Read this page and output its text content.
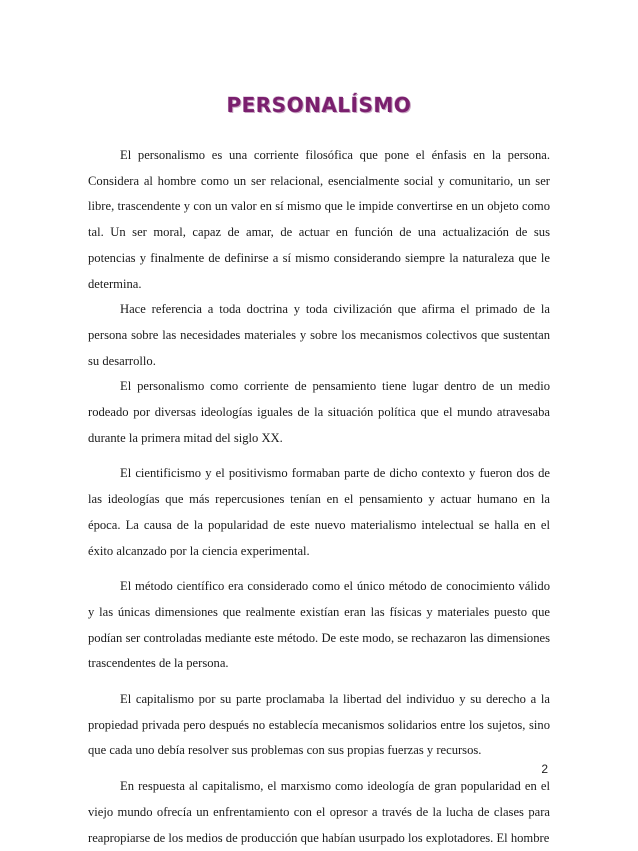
PERSONALÍSMO

El personalismo es una corriente filosófica que pone el énfasis en la persona. Considera al hombre como un ser relacional, esencialmente social y comunitario, un ser libre, trascendente y con un valor en sí mismo que le impide convertirse en un objeto como tal. Un ser moral, capaz de amar, de actuar en función de una actualización de sus potencias y finalmente de definirse a sí mismo considerando siempre la naturaleza que le determina.

Hace referencia a toda doctrina y toda civilización que afirma el primado de la persona sobre las necesidades materiales y sobre los mecanismos colectivos que sustentan su desarrollo.

El personalismo como corriente de pensamiento tiene lugar dentro de un medio rodeado por diversas ideologías iguales de la situación política que el mundo atravesaba durante la primera mitad del siglo XX.

El cientificismo y el positivismo formaban parte de dicho contexto y fueron dos de las ideologías que más repercusiones tenían en el pensamiento y actuar humano en la época. La causa de la popularidad de este nuevo materialismo intelectual se halla en el éxito alcanzado por la ciencia experimental.

El método científico era considerado como el único método de conocimiento válido y las únicas dimensiones que realmente existían eran las físicas y materiales puesto que podían ser controladas mediante este método. De este modo, se rechazaron las dimensiones trascendentes de la persona.

El capitalismo por su parte proclamaba la libertad del individuo y su derecho a la propiedad privada pero después no establecía mecanismos solidarios entre los sujetos, sino que cada uno debía resolver sus problemas con sus propias fuerzas y recursos.

En respuesta al capitalismo, el marxismo como ideología de gran popularidad en el viejo mundo ofrecía un enfrentamiento con el opresor a través de la lucha de clases para reapropiarse de los medios de producción que habían usurpado los explotadores. El hombre

2
